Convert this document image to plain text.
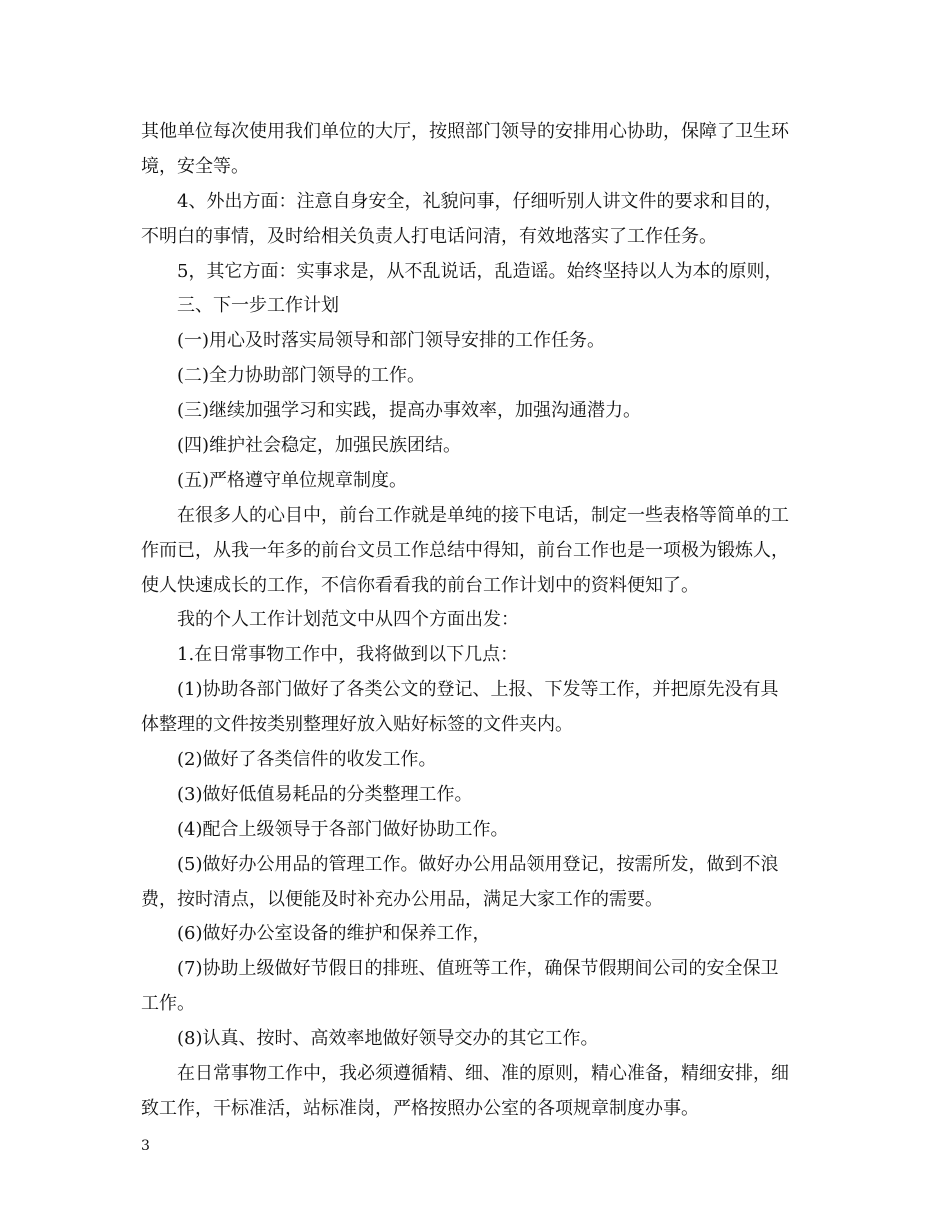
其他单位每次使用我们单位的大厅，按照部门领导的安排用心协助，保障了卫生环
境，安全等。
4、外出方面：注意自身安全，礼貌问事，仔细听别人讲文件的要求和目的，
不明白的事情，及时给相关负责人打电话问清，有效地落实了工作任务。
5，其它方面：实事求是，从不乱说话，乱造谣。始终坚持以人为本的原则，
三、下一步工作计划
(一)用心及时落实局领导和部门领导安排的工作任务。
(二)全力协助部门领导的工作。
(三)继续加强学习和实践，提高办事效率，加强沟通潜力。
(四)维护社会稳定，加强民族团结。
(五)严格遵守单位规章制度。
在很多人的心目中，前台工作就是单纯的接下电话，制定一些表格等简单的工
作而已，从我一年多的前台文员工作总结中得知，前台工作也是一项极为锻炼人，
使人快速成长的工作，不信你看看我的前台工作计划中的资料便知了。
我的个人工作计划范文中从四个方面出发：
1.在日常事物工作中，我将做到以下几点：
(1)协助各部门做好了各类公文的登记、上报、下发等工作，并把原先没有具
体整理的文件按类别整理好放入贴好标签的文件夹内。
(2)做好了各类信件的收发工作。
(3)做好低值易耗品的分类整理工作。
(4)配合上级领导于各部门做好协助工作。
(5)做好办公用品的管理工作。做好办公用品领用登记，按需所发，做到不浪
费，按时清点，以便能及时补充办公用品，满足大家工作的需要。
(6)做好办公室设备的维护和保养工作，
(7)协助上级做好节假日的排班、值班等工作，确保节假期间公司的安全保卫
工作。
(8)认真、按时、高效率地做好领导交办的其它工作。
在日常事物工作中，我必须遵循精、细、准的原则，精心准备，精细安排，细
致工作，干标准活，站标准岗，严格按照办公室的各项规章制度办事。
3
